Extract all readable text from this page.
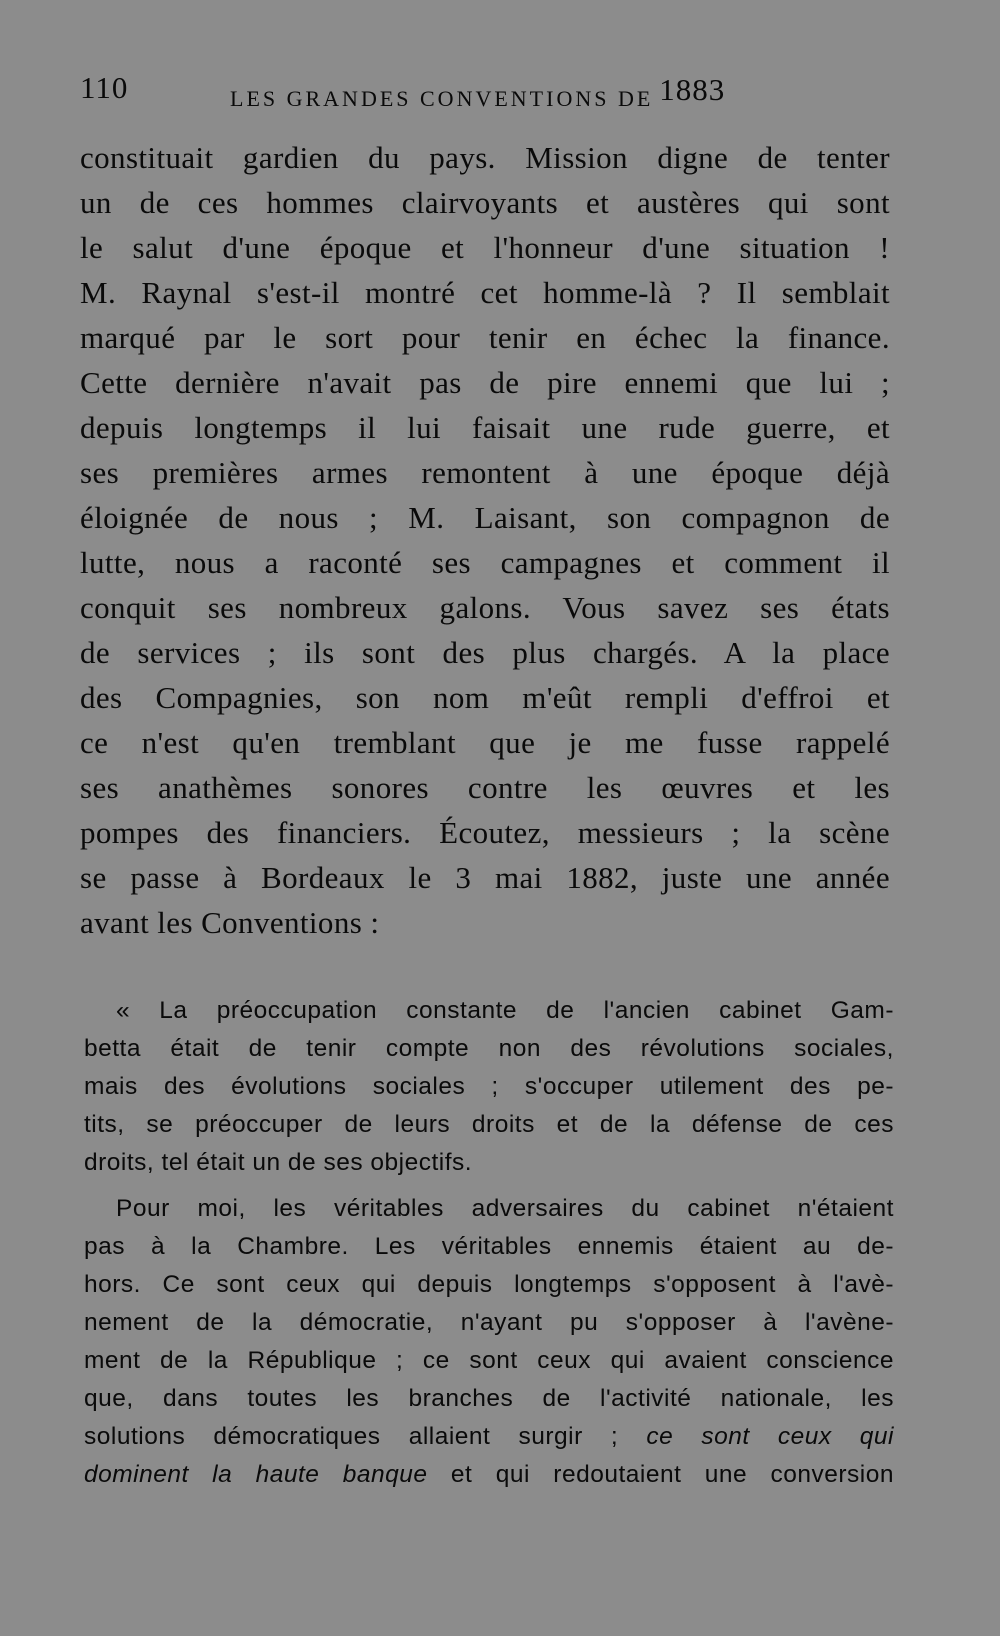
110	LES GRANDES CONVENTIONS DE 1883
constituait gardien du pays. Mission digne de tenter
un de ces hommes clairvoyants et austères qui sont
le salut d'une époque et l'honneur d'une situation !
M. Raynal s'est-il montré cet homme-là ? Il semblait
marqué par le sort pour tenir en échec la finance.
Cette dernière n'avait pas de pire ennemi que lui ;
depuis longtemps il lui faisait une rude guerre, et
ses premières armes remontent à une époque déjà
éloignée de nous ; M. Laisant, son compagnon de
lutte, nous a raconté ses campagnes et comment il
conquit ses nombreux galons. Vous savez ses états
de services ; ils sont des plus chargés. A la place
des Compagnies, son nom m'eût rempli d'effroi et
ce n'est qu'en tremblant que je me fusse rappelé
ses anathèmes sonores contre les œuvres et les
pompes des financiers. Écoutez, messieurs ; la scène
se passe à Bordeaux le 3 mai 1882, juste une année
avant les Conventions :
« La préoccupation constante de l'ancien cabinet Gam-
betta était de tenir compte non des révolutions sociales,
mais des évolutions sociales ; s'occuper utilement des pe-
tits, se préoccuper de leurs droits et de la défense de ces
droits, tel était un de ses objectifs.
Pour moi, les véritables adversaires du cabinet n'étaient
pas à la Chambre. Les véritables ennemis étaient au de-
hors. Ce sont ceux qui depuis longtemps s'opposent à l'avè-
nement de la démocratie, n'ayant pu s'opposer à l'avène-
ment de la République ; ce sont ceux qui avaient conscience
que, dans toutes les branches de l'activité nationale, les
solutions démocratiques allaient surgir ; ce sont ceux qui
dominent la haute banque et qui redoutaient une conversion
